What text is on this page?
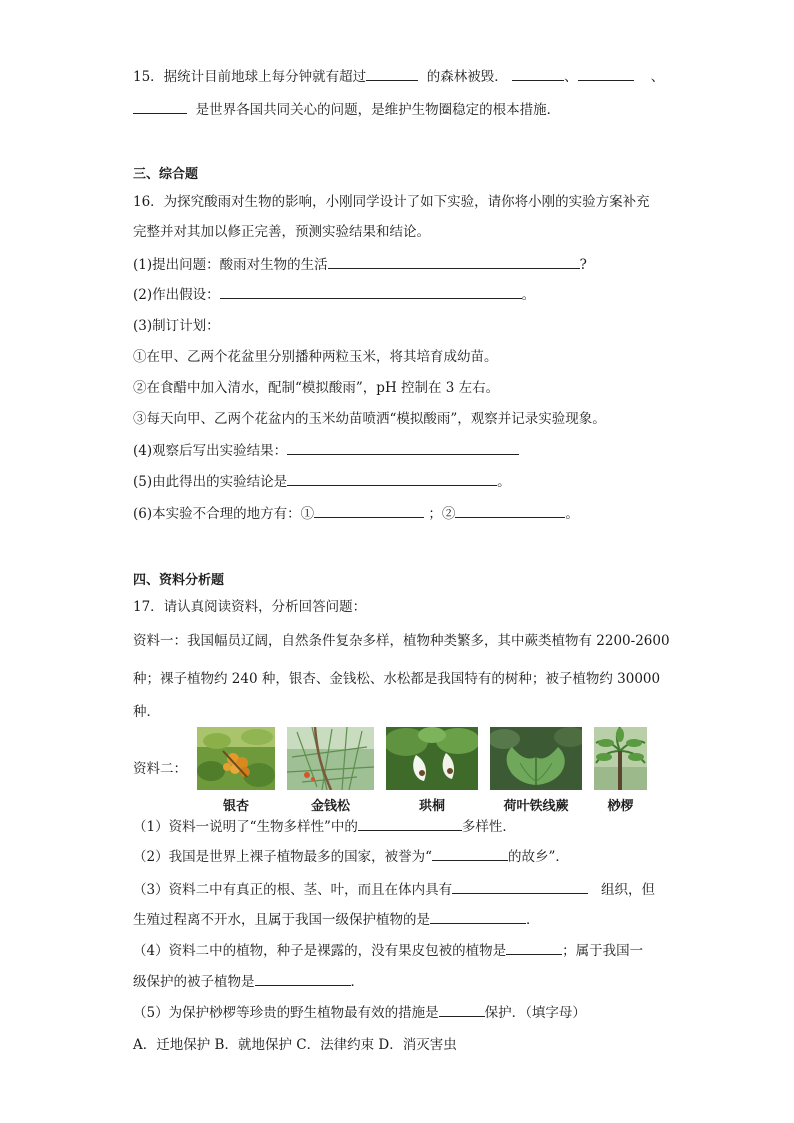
15．据统计目前地球上每分钟就有超过	的森林被毁．	、	、
是世界各国共同关心的问题，是维护生物圈稳定的根本措施．
三、综合题
16．为探究酸雨对生物的影响，小刚同学设计了如下实验，请你将小刚的实验方案补充
完整并对其加以修正完善，预测实验结果和结论。
(1)提出问题：酸雨对生物的生活	?
(2)作出假设：	。
(3)制订计划：
①在甲、乙两个花盆里分别播种两粒玉米，将其培育成幼苗。
②在食醋中加入清水，配制“模拟酸雨”，pH 控制在 3 左右。
③每天向甲、乙两个花盆内的玉米幼苗喷洒“模拟酸雨”，观察并记录实验现象。
(4)观察后写出实验结果：
(5)由此得出的实验结论是	。
(6)本实验不合理的地方有：①	；②	。
四、资料分析题
17．请认真阅读资料，分析回答问题：
资料一：我国幅员辽阔，自然条件复杂多样，植物种类繁多，其中蕨类植物有 2200-2600
种；裸子植物约 240 种，银杏、金钱松、水松都是我国特有的树种；被子植物约 30000
种．
资料二：
银杏	金钱松	珙桐	荷叶铁线蕨	桫椤
（1）资料一说明了“生物多样性”中的	多样性．
（2）我国是世界上裸子植物最多的国家，被誉为“	的故乡”．
（3）资料二中有真正的根、茎、叶，而且在体内具有	组织，但
生殖过程离不开水，且属于我国一级保护植物的是	．
（4）资料二中的植物，种子是裸露的，没有果皮包被的植物是	；属于我国一
级保护的被子植物是	．
（5）为保护桫椤等珍贵的野生植物最有效的措施是	保护．（填字母）
A．迁地保护 B．就地保护 C．法律约束 D．消灭害虫
